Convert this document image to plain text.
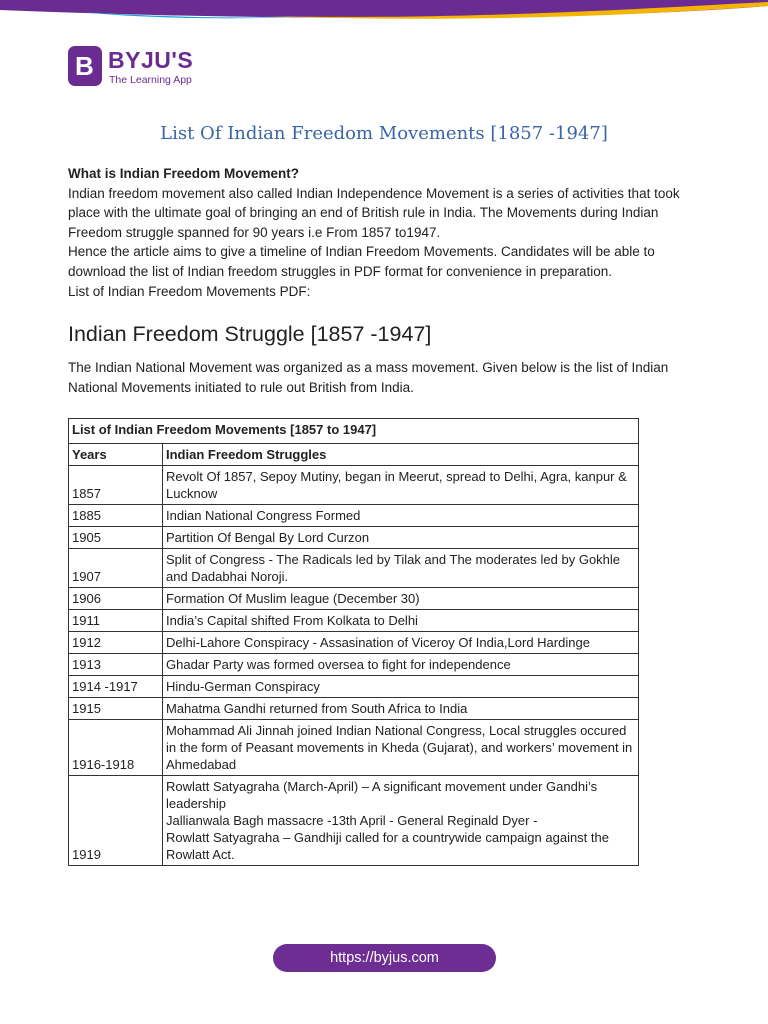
B BYJU'S
The Learning App
List Of Indian Freedom Movements [1857 -1947]

What is Indian Freedom Movement?

Indian freedom movement also called Indian Independence Movement is a series of activities that took place with the ultimate goal of bringing an end of British rule in India. The Movements during Indian Freedom struggle spanned for 90 years i.e From 1857 to1947.

Hence the article aims to give a timeline of Indian Freedom Movements. Candidates will be able to download the list of Indian freedom struggles in PDF format for convenience in preparation.

List of Indian Freedom Movements PDF:

Indian Freedom Struggle [1857 -1947]
The Indian National Movement was organized as a mass movement. Given below is the list of Indian National Movements initiated to rule out British from India.
List of Indian Freedom Movements [1857 to 1947]	
Years	Indian Freedom Struggles
1857	Revolt Of 1857, Sepoy Mutiny, began in Meerut, spread to Delhi, Agra, kanpur & Lucknow
1885	Indian National Congress Formed
1905	Partition Of Bengal By Lord Curzon
1907	Split of Congress - The Radicals led by Tilak and The moderates led by Gokhle and Dadabhai Noroji.
1906	Formation Of Muslim league (December 30)
1911	India’s Capital shifted From Kolkata to Delhi
1912	Delhi-Lahore Conspiracy - Assasination of Viceroy Of India,Lord Hardinge
1913	Ghadar Party was formed oversea to fight for independence
1914 -1917	Hindu-German Conspiracy
1915	Mahatma Gandhi returned from South Africa to India
1916-1918	Mohammad Ali Jinnah joined Indian National Congress, Local struggles occured in the form of Peasant movements in Kheda (Gujarat), and workers’ movement in Ahmedabad
1919	Rowlatt Satyagraha (March-April) – A significant movement under Gandhi’s leadership
Jallianwala Bagh massacre -13th April - General Reginald Dyer -
Rowlatt Satyagraha – Gandhiji called for a countrywide campaign against the Rowlatt Act.
https://byjus.com
